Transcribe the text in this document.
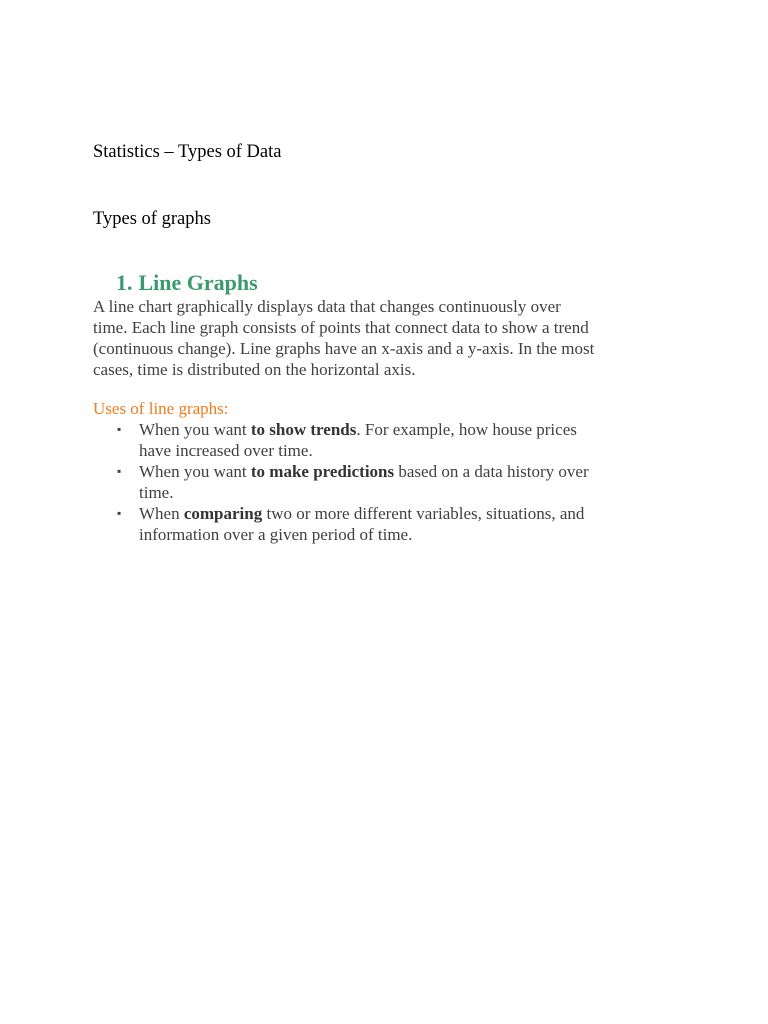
Statistics – Types of Data
Types of graphs
1. Line Graphs

A line chart graphically displays data that changes continuously over
time. Each line graph consists of points that connect data to show a trend
(continuous change). Line graphs have an x-axis and a y-axis. In the most
cases, time is distributed on the horizontal axis.

Uses of line graphs:

▪ When you want to show trends. For example, how house prices
have increased over time.
▪ When you want to make predictions based on a data history over
time.
▪ When comparing two or more different variables, situations, and
information over a given period of time.
